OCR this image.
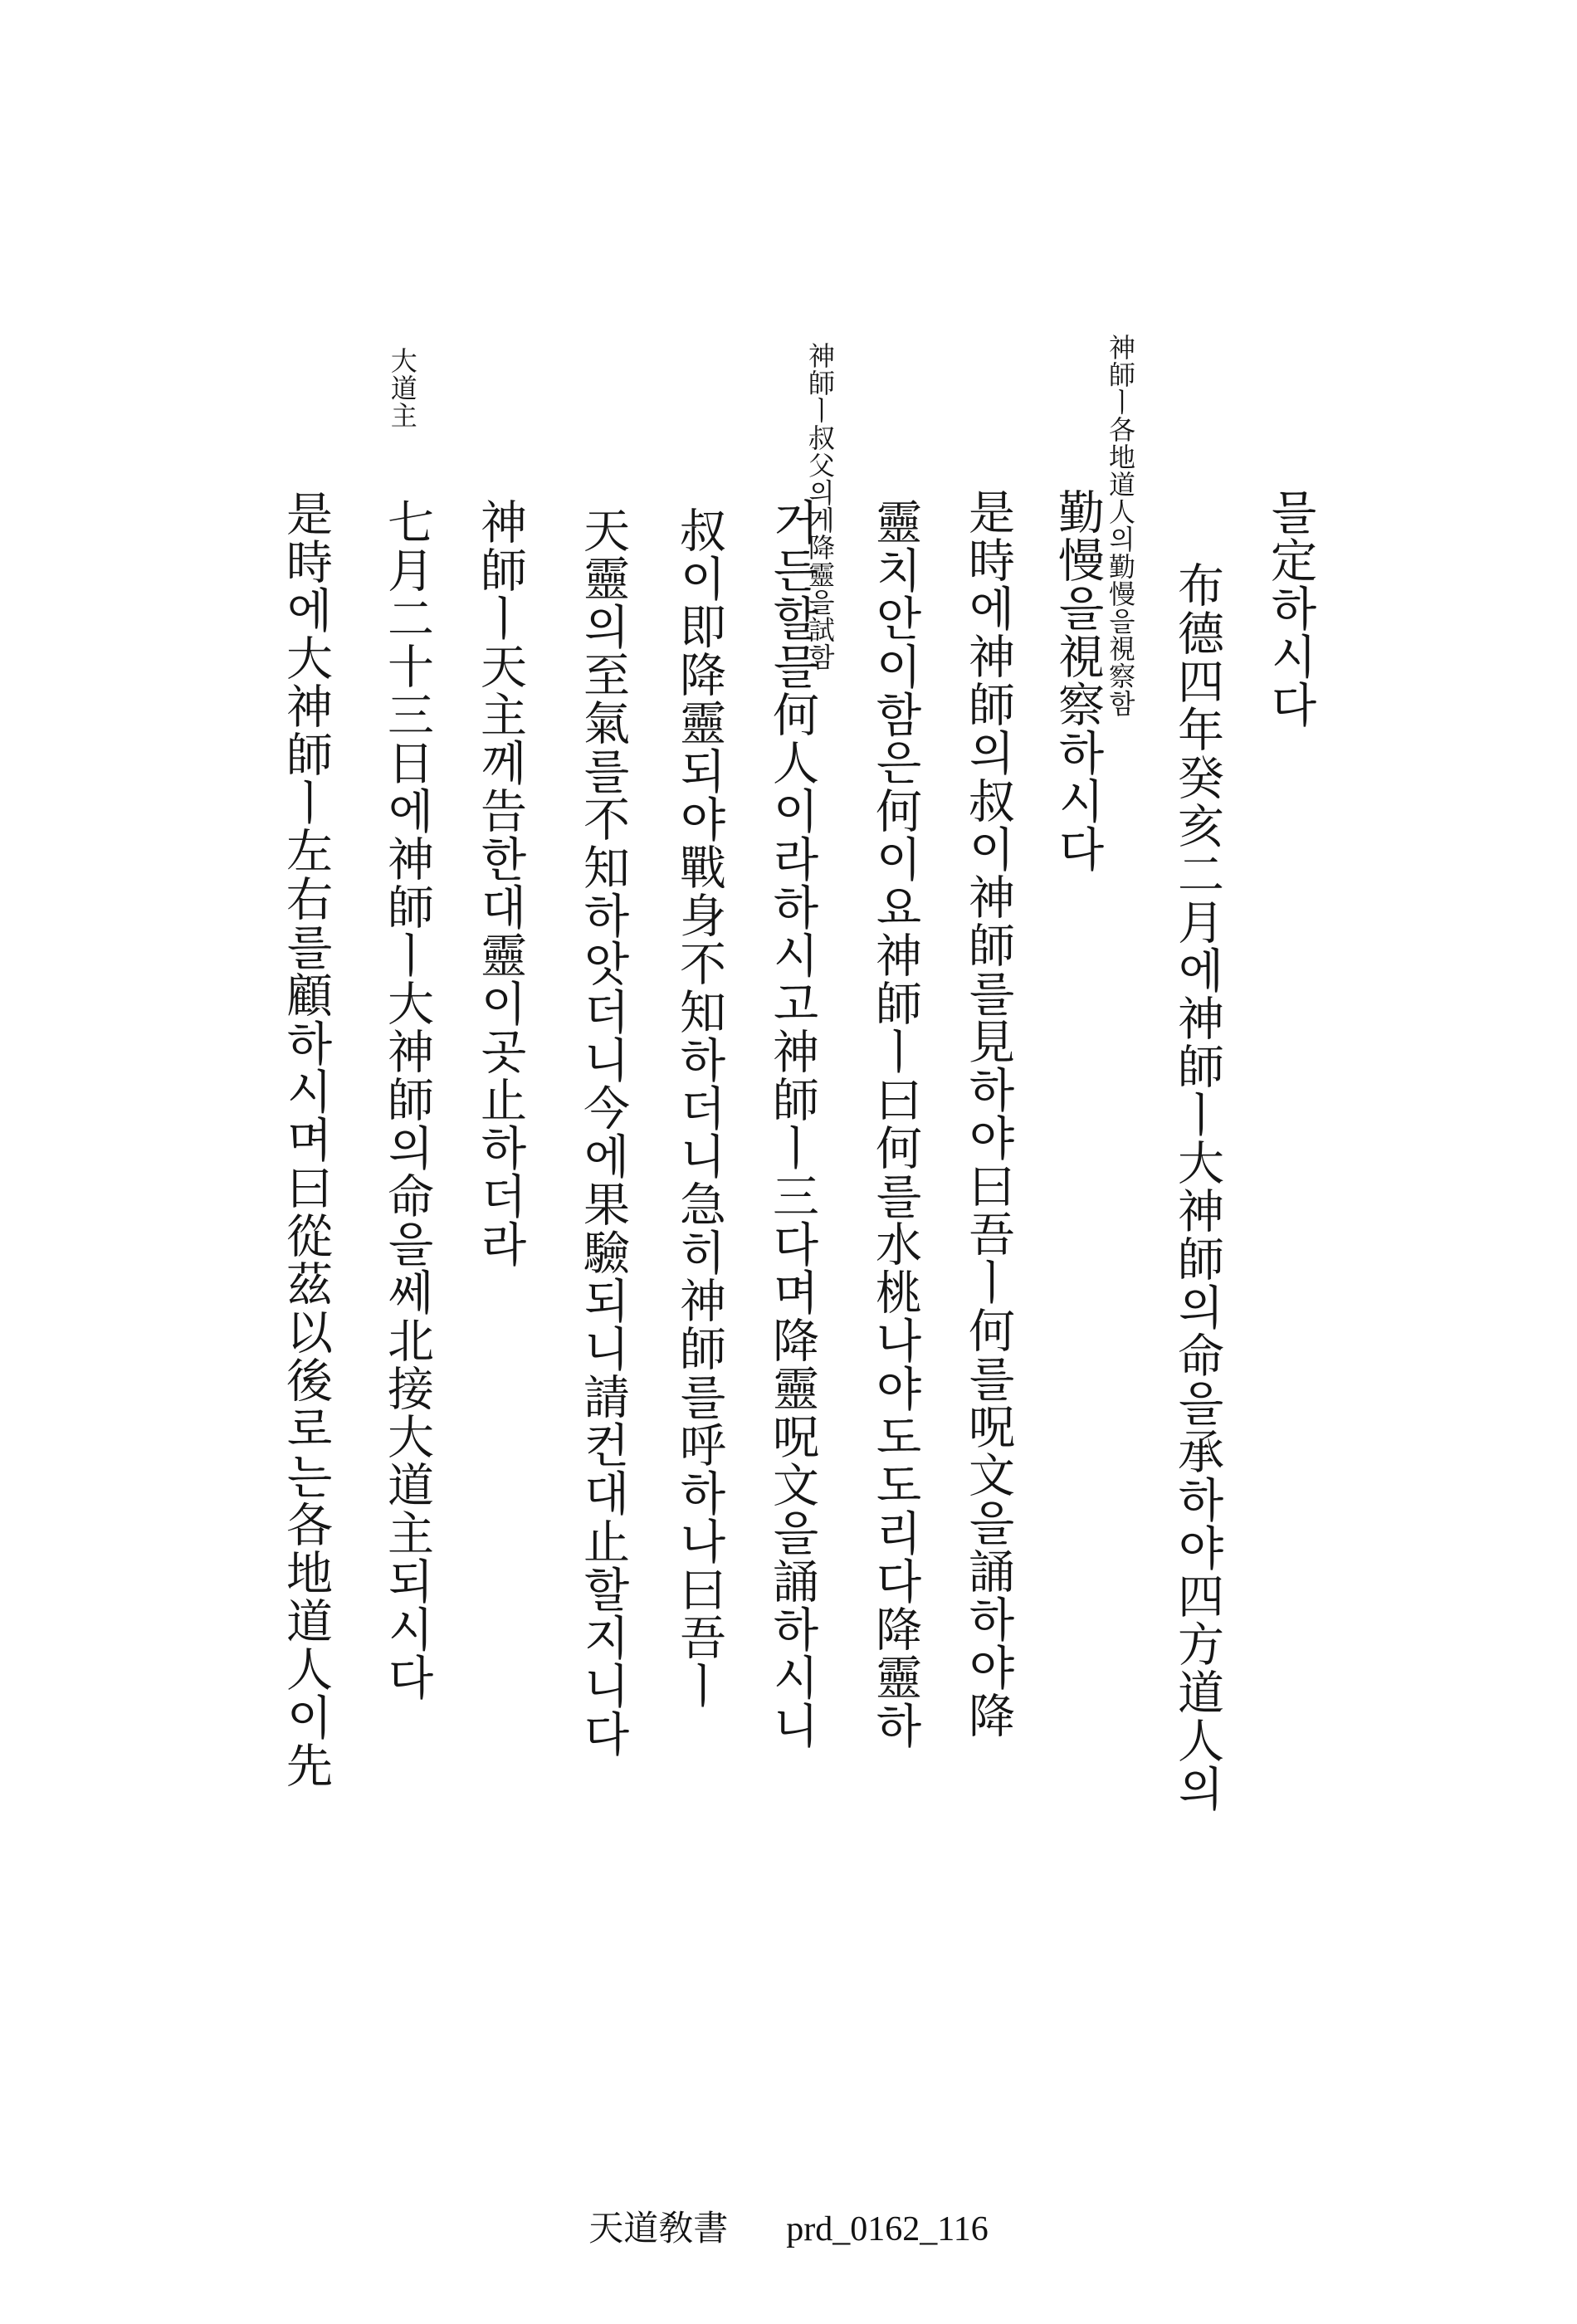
믈定하시다
布德四年癸亥二月에神師ㅣ大神師의命을承하야四方道人의
勤慢을視察하시다
是時에神師의叔이神師를見하야曰吾ㅣ何를呪文을誦하야降
靈치안이함은何이요神師ㅣ曰何를水桃나야도도리다降靈하
거든할믈何人이라하시고神師ㅣ三다며降靈呪文을誦하시니
叔이即降靈되야戰身不知하더니急히神師를呼하나曰吾ㅣ
天靈의至氣를不知하앗더니今에果驗되니請컨대止할지니다
神師ㅣ天主께告한대靈이곳止하더라
七月二十三日에神師ㅣ大神師의命을쎄北接大道主되시다
是時에大神師ㅣ左右를顧하시며曰從茲以後로는各地道人이先	神師ㅣ各地道人의勤慢을視察함
神師ㅣ叔父의게降靈을試함
大道主
天道敎書 prd_0162_116
